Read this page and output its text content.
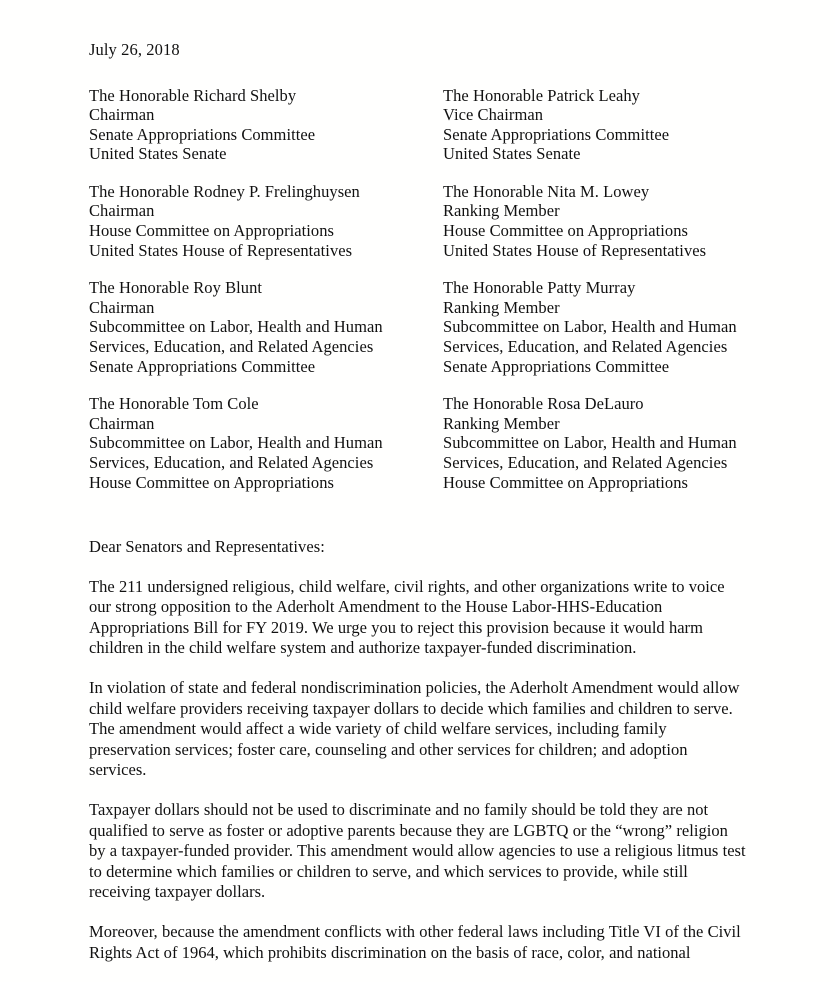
July 26, 2018
The Honorable Richard Shelby
Chairman
Senate Appropriations Committee
United States Senate
The Honorable Patrick Leahy
Vice Chairman
Senate Appropriations Committee
United States Senate
The Honorable Rodney P. Frelinghuysen
Chairman
House Committee on Appropriations
United States House of Representatives
The Honorable Nita M. Lowey
Ranking Member
House Committee on Appropriations
United States House of Representatives
The Honorable Roy Blunt
Chairman
Subcommittee on Labor, Health and Human
Services, Education, and Related Agencies
Senate Appropriations Committee
The Honorable Patty Murray
Ranking Member
Subcommittee on Labor, Health and Human
Services, Education, and Related Agencies
Senate Appropriations Committee
The Honorable Tom Cole
Chairman
Subcommittee on Labor, Health and Human
Services, Education, and Related Agencies
House Committee on Appropriations
The Honorable Rosa DeLauro
Ranking Member
Subcommittee on Labor, Health and Human
Services, Education, and Related Agencies
House Committee on Appropriations
Dear Senators and Representatives:

The 211 undersigned religious, child welfare, civil rights, and other organizations write to voice our strong opposition to the Aderholt Amendment to the House Labor-HHS-Education Appropriations Bill for FY 2019. We urge you to reject this provision because it would harm children in the child welfare system and authorize taxpayer-funded discrimination.

In violation of state and federal nondiscrimination policies, the Aderholt Amendment would allow child welfare providers receiving taxpayer dollars to decide which families and children to serve. The amendment would affect a wide variety of child welfare services, including family preservation services; foster care, counseling and other services for children; and adoption services.

Taxpayer dollars should not be used to discriminate and no family should be told they are not qualified to serve as foster or adoptive parents because they are LGBTQ or the “wrong” religion by a taxpayer-funded provider. This amendment would allow agencies to use a religious litmus test to determine which families or children to serve, and which services to provide, while still receiving taxpayer dollars.

Moreover, because the amendment conflicts with other federal laws including Title VI of the Civil Rights Act of 1964, which prohibits discrimination on the basis of race, color, and national
